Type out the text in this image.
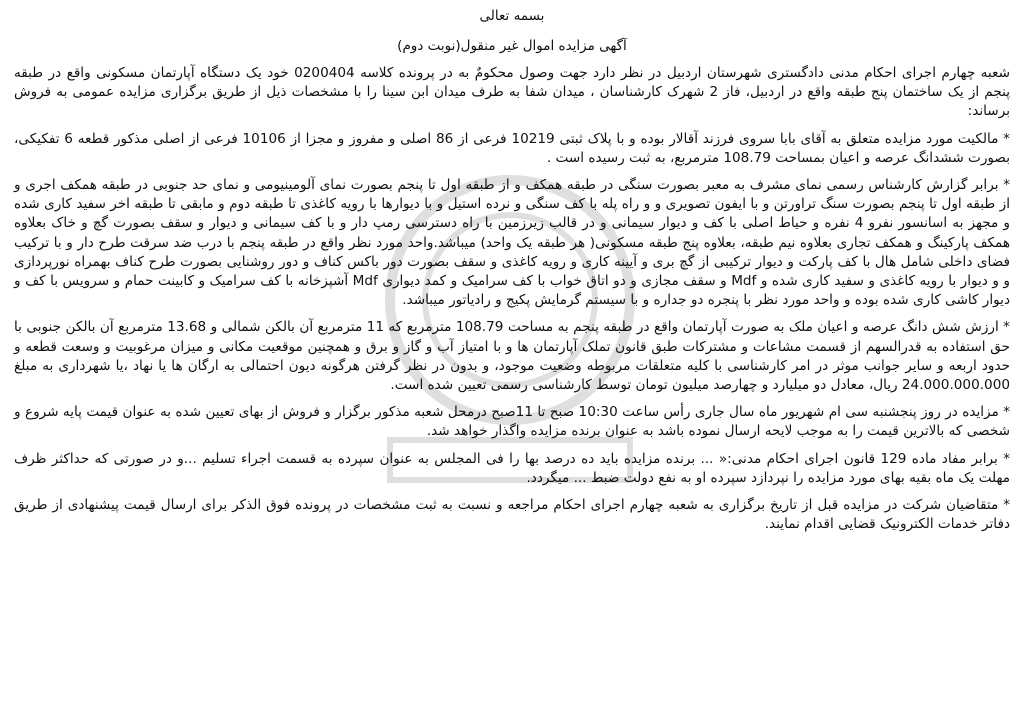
بسمه تعالی

آگهی مزایده اموال غیر منقول(نوبت دوم)

شعبه چهارم اجرای احکام مدنی دادگستری شهرستان اردبیل در نظر دارد جهت وصول محکومٌ به در پرونده کلاسه 0200404 خود یک دستگاه آپارتمان مسکونی واقع در طبقه پنجم از یک ساختمان پنج طبقه واقع در اردبیل، فاز 2 شهرک کارشناسان ، میدان شفا به طرف میدان ابن سینا را با مشخصات ذیل از طریق برگزاری مزایده عمومی به فروش برساند:

* مالکیت مورد مزایده متعلق به آقای بابا سروی فرزند آقالار بوده و با پلاک ثبتی 10219 فرعی از 86 اصلی و مفروز و مجزا از 10106 فرعی از اصلی مذکور قطعه 6 تفکیکی، بصورت ششدانگ عرصه و اعیان بمساحت 108.79 مترمربع، به ثبت رسیده است .

* برابر گزارش کارشناس رسمی نمای مشرف به معبر بصورت سنگی در طبقه همکف و از طبقه اول تا پنجم بصورت نمای آلومینیومی و نمای حد جنوبی در طبقه همکف اجری و از طبقه اول تا پنجم بصورت سنگ تراورتن و با ایفون تصویری و و راه پله با کف سنگی و نرده استیل و با دیوارها با رویه کاغذی تا طبقه دوم و مابقی تا طبقه اخر سفید کاری شده و مجهز به اسانسور نفرو 4 نفره و حیاط اصلی با کف و دیوار سیمانی و در قالب زیرزمین با راه دسترسی رمپ دار و با کف سیمانی و دیوار و سقف بصورت گچ و خاک بعلاوه همکف پارکینگ و همکف تجاری بعلاوه نیم طبقه، بعلاوه پنج طبقه مسکونی( هر طبقه یک واحد) میباشد.واحد مورد نظر واقع در طبقه پنجم با درب ضد سرقت طرح دار و با ترکیب فضای داخلی شامل هال با کف پارکت و دیوار ترکیبی از گچ بری و آیینه کاری و رویه کاغذی و سقف بصورت دور باکس کناف و دور روشنایی بصورت طرح کناف بهمراه نورپردازی و و دیوار با رویه کاغذی و سفید کاری شده و Mdf و سقف مجازی و دو اتاق خواب با کف سرامیک و کمد دیواری Mdf آشپزخانه با کف سرامیک و کابینت حمام و سرویس با کف و دیوار کاشی کاری شده بوده و واحد مورد نظر با پنجره دو جداره و با سیستم گرمایش پکیج و رادیاتور میباشد.

* ارزش شش دانگ عرصه و اعیان ملک به صورت آپارتمان واقع در طبقه پنجم به مساحت 108.79 مترمربع که 11 مترمربع آن بالکن شمالی و 13.68 مترمربع آن بالکن جنوبی با حق استفاده به قدرالسهم از قسمت مشاعات و مشترکات طبق قانون تملک آپارتمان ها و با امتیاز آب و گاز و برق و همچنین موقعیت مکانی و میزان مرغوبیت و وسعت قطعه و حدود اربعه و سایر جوانب موثر در امر کارشناسی با کلیه متعلقات مربوطه وضعیت موجود، و بدون در نظر گرفتن هرگونه دیون احتمالی به ارگان ها یا نهاد ،یا شهرداری به مبلغ 24.000.000.000 ریال، معادل دو میلیارد و چهارصد میلیون تومان توسط کارشناسی رسمی تعیین شده است.

* مزایده در روز پنجشنبه سی ام شهریور ماه سال جاری رأس ساعت 10:30 صبح تا 11صبح درمحل شعبه مذکور برگزار و فروش از بهای تعیین شده به عنوان قیمت پایه شروع و شخصی که بالاترین قیمت را به موجب لایحه ارسال نموده باشد به عنوان برنده مزایده واگذار خواهد شد.

* برابر مفاد ماده 129 قانون اجرای احکام مدنی:« ... برنده مزایده باید ده درصد بها را فی المجلس به عنوان سپرده به قسمت اجراء تسلیم ...و در صورتی که حداکثر ظرف مهلت یک ماه بقیه بهای مورد مزایده را نپردازد سپرده او به نفع دولت ضبط ... میگردد.

* متقاضیان شرکت در مزایده قبل از تاریخ برگزاری به شعبه چهارم اجرای احکام مراجعه و نسبت به ثبت مشخصات در پرونده فوق الذکر برای ارسال قیمت پیشنهادی از طریق دفاتر خدمات الکترونیک قضایی اقدام نمایند.
